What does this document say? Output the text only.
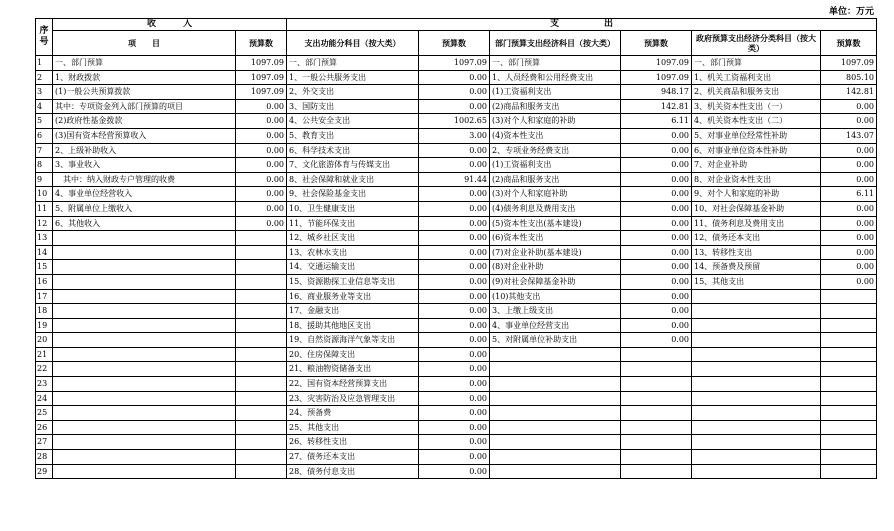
单位：万元
序号	收　　　入		支　　　　　出					
	项　　目	预算数	支出功能分科目（按大类）	预算数	部门预算支出经济科目（按大类）	预算数	政府预算支出经济分类科目（按大类）	预算数
1	一、部门预算	1097.09	一、部门预算	1097.09	一、部门预算	1097.09	一、部门预算	1097.09
2	1、财政拨款	1097.09	1、一般公共服务支出	0.00	1、人员经费和公用经费支出	1097.09	1、机关工资福利支出	805.10
3	(1)一般公共预算拨款	1097.09	2、外交支出	0.00	(1)工资福利支出	948.17	2、机关商品和服务支出	142.81
4	其中：专项资金列入部门预算的项目	0.00	3、国防支出	0.00	(2)商品和服务支出	142.81	3、机关资本性支出（一）	0.00
5	(2)政府性基金拨款	0.00	4、公共安全支出	1002.65	(3)对个人和家庭的补助	6.11	4、机关资本性支出（二）	0.00
6	(3)国有资本经营预算收入	0.00	5、教育支出	3.00	(4)资本性支出	0.00	5、对事业单位经常性补助	143.07
7	2、上级补助收入	0.00	6、科学技术支出	0.00	2、专项业务经费支出	0.00	6、对事业单位资本性补助	0.00
8	3、事业收入	0.00	7、文化旅游体育与传媒支出	0.00	(1)工资福利支出	0.00	7、对企业补助	0.00
9	　其中：纳入财政专户管理的收费	0.00	8、社会保障和就业支出	91.44	(2)商品和服务支出	0.00	8、对企业资本性支出	0.00
10	4、事业单位经营收入	0.00	9、社会保险基金支出	0.00	(3)对个人和家庭补助	0.00	9、对个人和家庭的补助	6.11
11	5、附属单位上缴收入	0.00	10、卫生健康支出	0.00	(4)债务利息及费用支出	0.00	10、对社会保障基金补助	0.00
12	6、其他收入	0.00	11、节能环保支出	0.00	(5)资本性支出(基本建设)	0.00	11、债务利息及费用支出	0.00
13			12、城乡社区支出	0.00	(6)资本性支出	0.00	12、债务还本支出	0.00
14			13、农林水支出	0.00	(7)对企业补助(基本建设)	0.00	13、转移性支出	0.00
15			14、交通运输支出	0.00	(8)对企业补助	0.00	14、预备费及预留	0.00
16			15、资源勘探工业信息等支出	0.00	(9)对社会保障基金补助	0.00	15、其他支出	0.00
17			16、商业服务业等支出	0.00	(10)其他支出	0.00		
18			17、金融支出	0.00	3、上缴上级支出	0.00		
19			18、援助其他地区支出	0.00	4、事业单位经营支出	0.00		
20			19、自然资源海洋气象等支出	0.00	5、对附属单位补助支出	0.00		
21			20、住房保障支出	0.00				
22			21、粮油物资储备支出	0.00				
23			22、国有资本经营预算支出	0.00				
24			23、灾害防治及应急管理支出	0.00				
25			24、预备费	0.00				
26			25、其他支出	0.00				
27			26、转移性支出	0.00				
28			27、债务还本支出	0.00				
29			28、债务付息支出	0.00				
